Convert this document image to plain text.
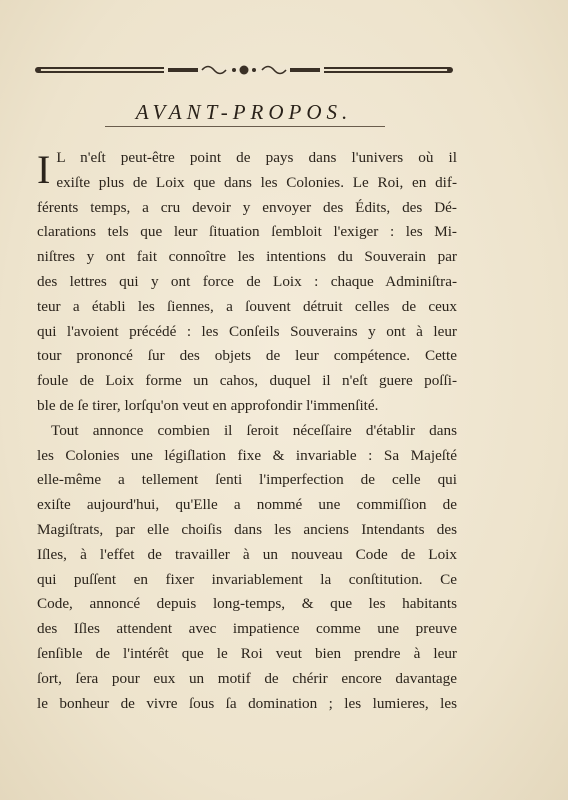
AVANT-PROPOS.
I L n'eſt peut-être point de pays dans l'univers où il
exiſte plus de Loix que dans les Colonies. Le Roi, en dif-
férents temps, a cru devoir y envoyer des Édits, des Dé-
clarations tels que leur ſituation ſembloit l'exiger : les Mi-
niſtres y ont fait connoître les intentions du Souverain par
des lettres qui y ont force de Loix : chaque Adminiſtra-
teur a établi les ſiennes, a ſouvent détruit celles de ceux
qui l'avoient précédé : les Conſeils Souverains y ont à leur
tour prononcé ſur des objets de leur compétence. Cette
foule de Loix forme un cahos, duquel il n'eſt guere poſſi-
ble de ſe tirer, lorſqu'on veut en approfondir l'immenſité.
Tout annonce combien il ſeroit néceſſaire d'établir dans
les Colonies une légiſlation fixe & invariable : Sa Majeſté
elle-même a tellement ſenti l'imperfection de celle qui
exiſte aujourd'hui, qu'Elle a nommé une commiſſion de
Magiſtrats, par elle choiſis dans les anciens Intendants des
Iſles, à l'effet de travailler à un nouveau Code de Loix
qui puſſent en fixer invariablement la conſtitution. Ce
Code, annoncé depuis long-temps, & que les habitants
des Iſles attendent avec impatience comme une preuve
ſenſible de l'intérêt que le Roi veut bien prendre à leur
ſort, ſera pour eux un motif de chérir encore davantage
le bonheur de vivre ſous ſa domination ; les lumieres, les
